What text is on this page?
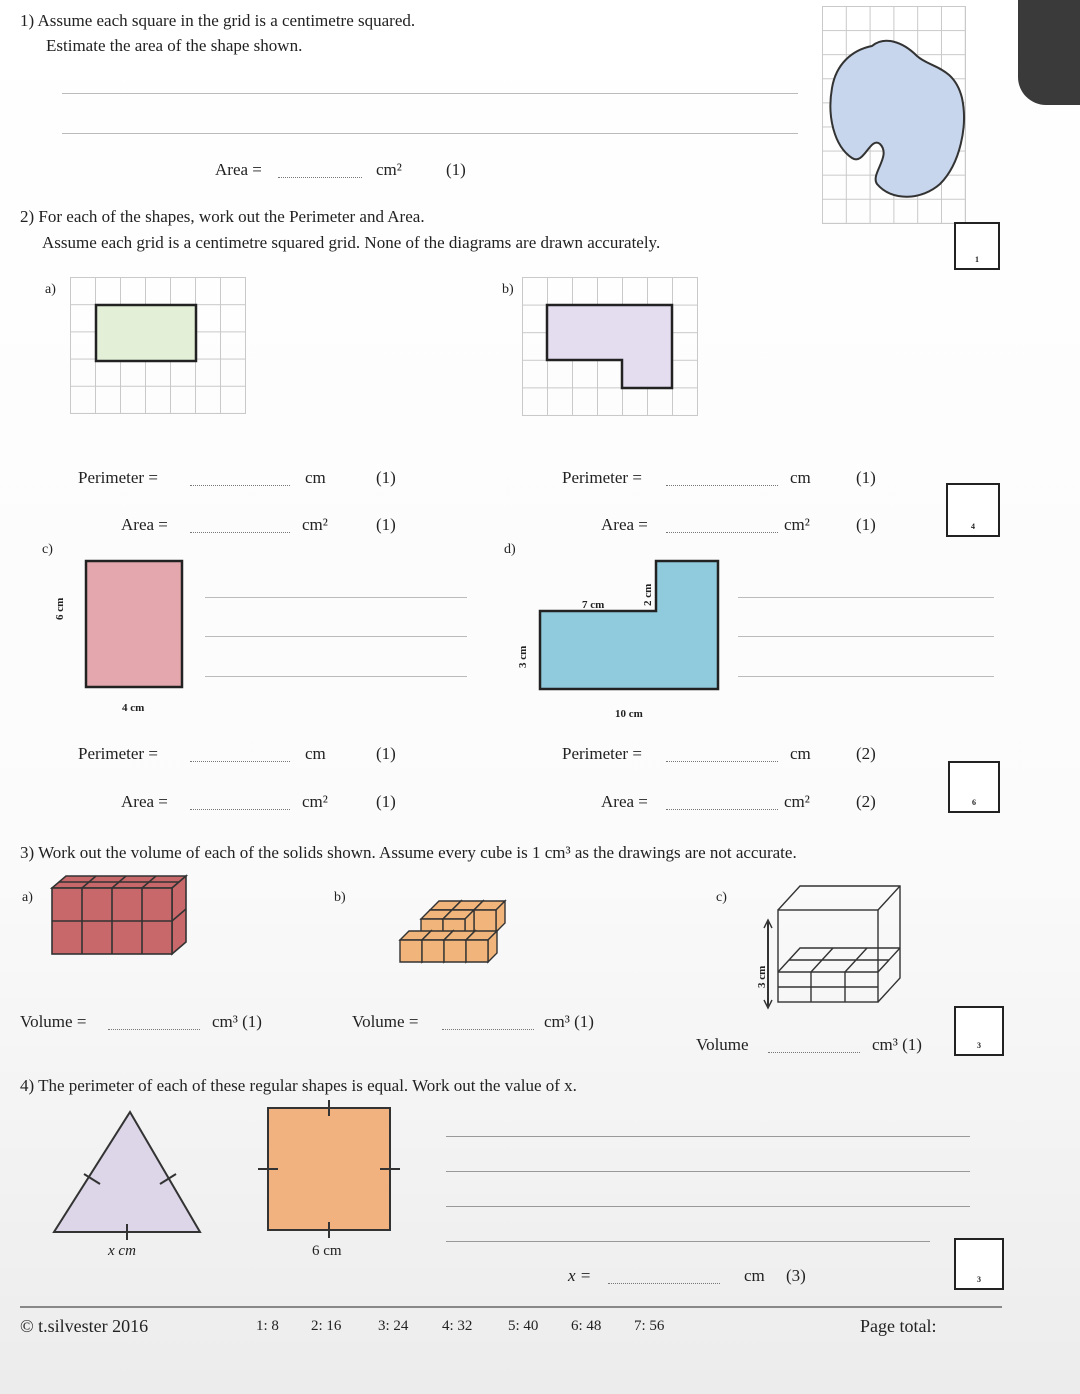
1) Assume each square in the grid is a centimetre squared.
Estimate the area of the shape shown.
Area =	cm²	(1)
1
2) For each of the shapes, work out the Perimeter and Area.
Assume each grid is a centimetre squared grid. None of the diagrams are drawn accurately.
a)	b)
Perimeter =	cm	(1)
Area =	cm²	(1)
Perimeter =	cm	(1)
Area =	cm²	(1)	4
c)
6 cm
4 cm
d)
7 cm	2 cm
3 cm
10 cm
Perimeter =	cm	(1)
Area =	cm²	(1)
Perimeter =	cm	(2)
Area =	cm²	(2)	6
3) Work out the volume of each of the solids shown. Assume every cube is 1 cm³ as the drawings are not accurate.
a)	b)	c)
3 cm
Volume =	cm³ (1)	Volume =	cm³ (1)
Volume	cm³ (1)	3
4) The perimeter of each of these regular shapes is equal. Work out the value of x.
x cm	6 cm
x =	cm (3)	3
© t.silvester 2016	1: 8 2: 16 3: 24 4: 32 5: 40 6: 48 7: 56	Page total:
